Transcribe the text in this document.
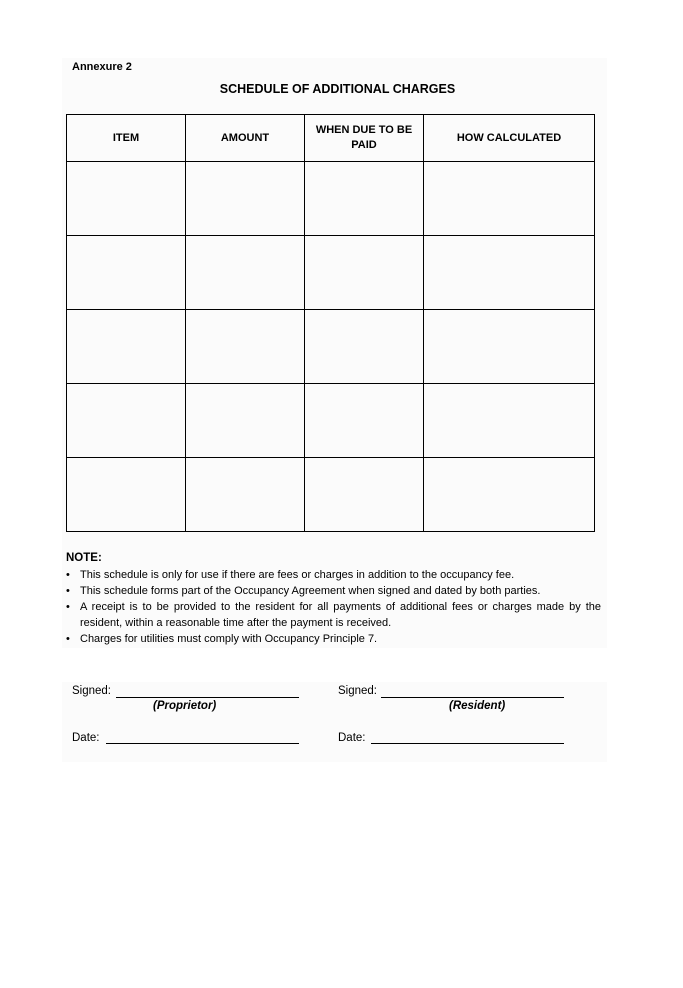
Annexure 2
SCHEDULE OF ADDITIONAL CHARGES
ITEM	AMOUNT	WHEN DUE TO BE PAID	HOW CALCULATED

NOTE:
• This schedule is only for use if there are fees or charges in addition to the occupancy fee.
• This schedule forms part of the Occupancy Agreement when signed and dated by both parties.
• A receipt is to be provided to the resident for all payments of additional fees or charges made by the resident, within a reasonable time after the payment is received.
• Charges for utilities must comply with Occupancy Principle 7.
Signed:
(Proprietor)
Date:
Signed:
(Resident)
Date:
